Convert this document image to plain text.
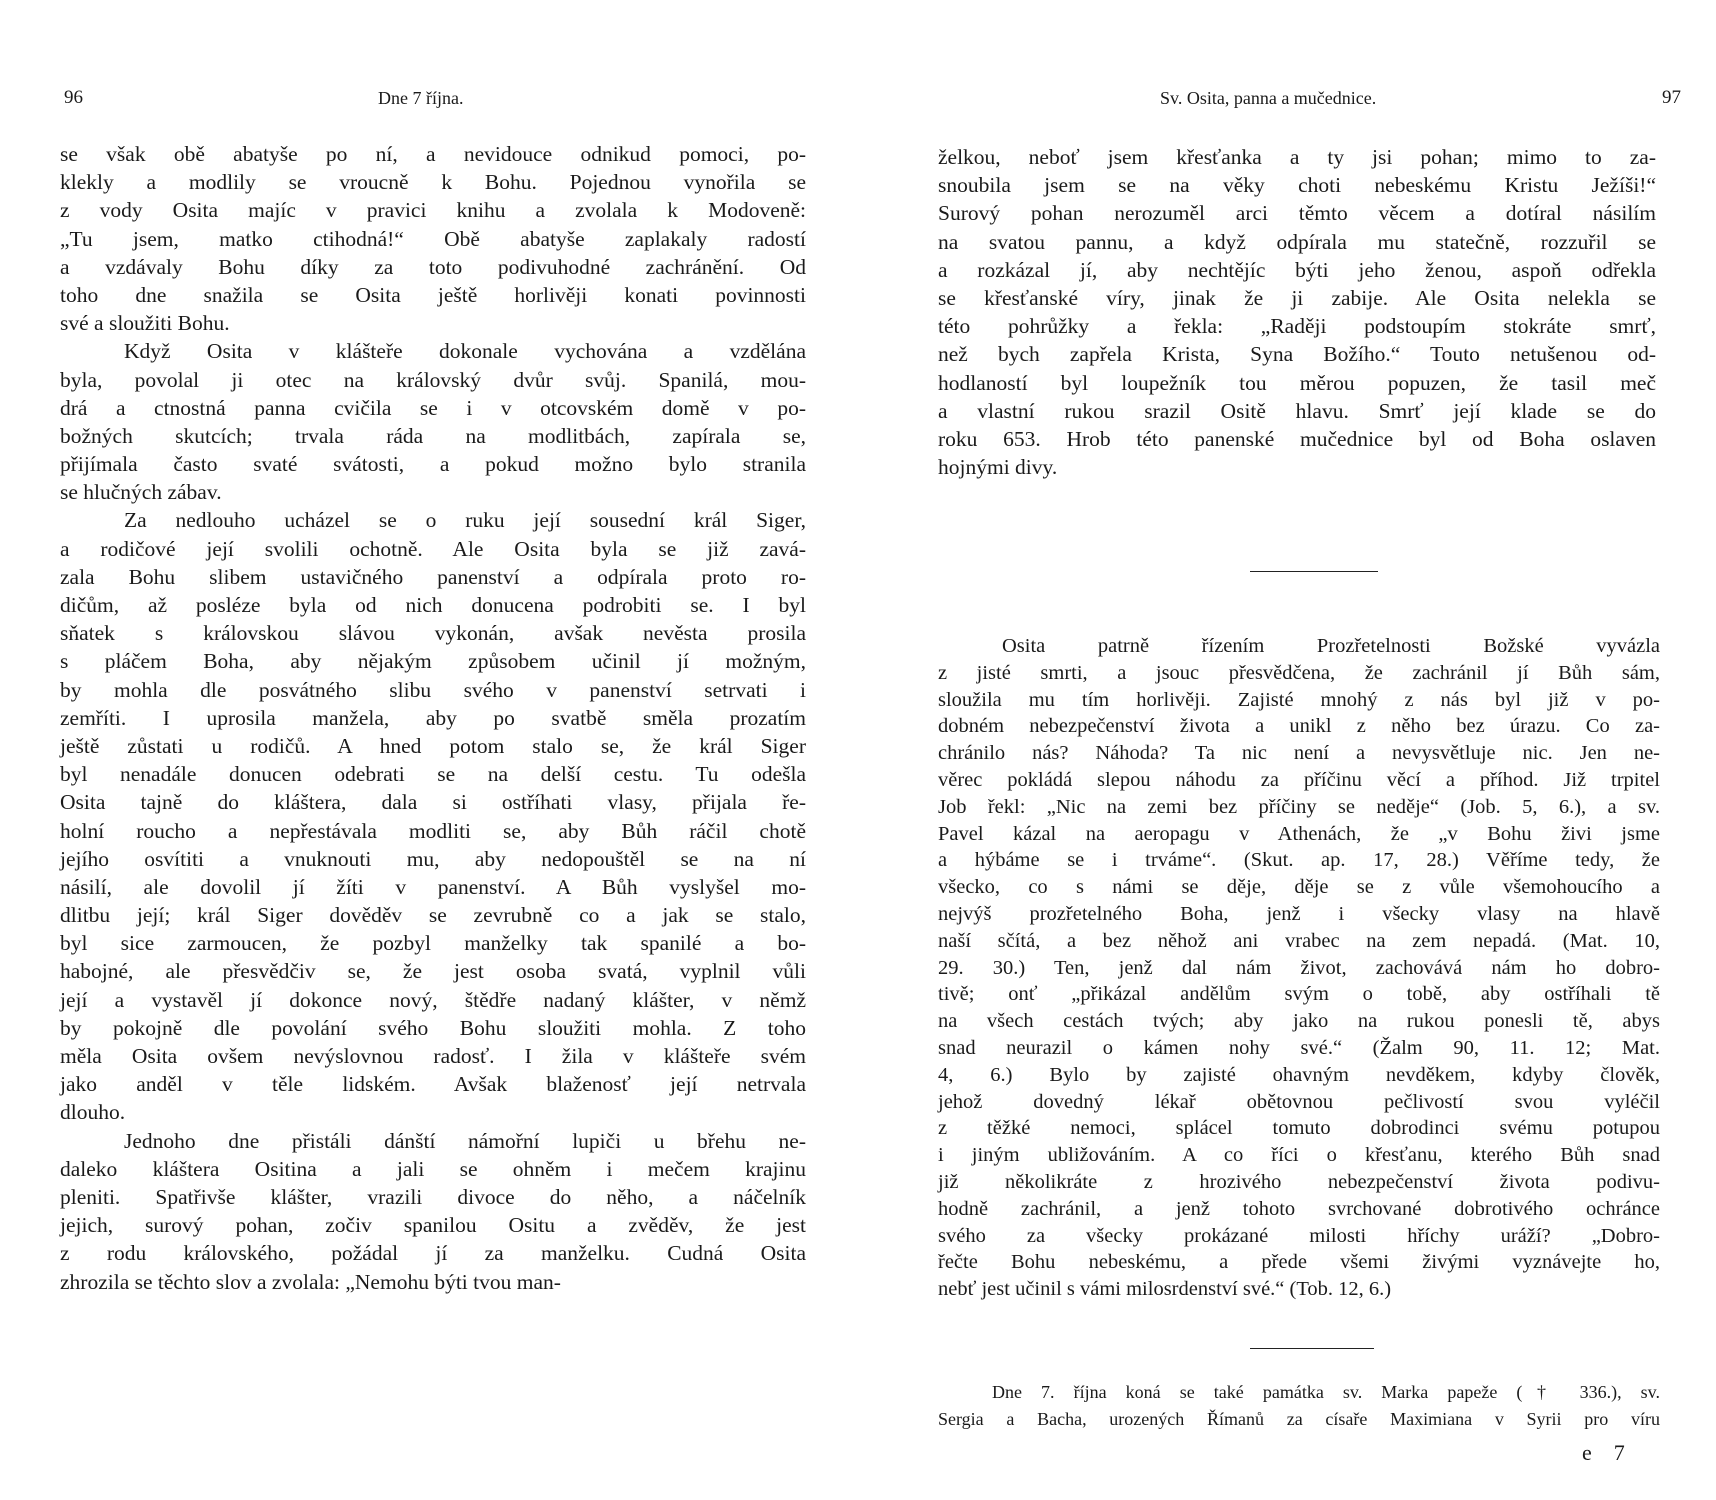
96	Dne 7 října.
se však obě abatyše po ní, a nevidouce odnikud pomoci, po-
klekly a modlily se vroucně k Bohu. Pojednou vynořila se
z vody Osita majíc v pravici knihu a zvolala k Modoveně:
„Tu jsem, matko ctihodná!“ Obě abatyše zaplakaly radostí
a vzdávaly Bohu díky za toto podivuhodné zachránění. Od
toho dne snažila se Osita ještě horlivěji konati povinnosti
své a sloužiti Bohu.
Když Osita v klášteře dokonale vychována a vzdělána
byla, povolal ji otec na královský dvůr svůj. Spanilá, mou-
drá a ctnostná panna cvičila se i v otcovském domě v po-
božných skutcích; trvala ráda na modlitbách, zapírala se,
přijímala často svaté svátosti, a pokud možno bylo stranila
se hlučných zábav.
Za nedlouho ucházel se o ruku její sousední král Siger,
a rodičové její svolili ochotně. Ale Osita byla se již zavá-
zala Bohu slibem ustavičného panenství a odpírala proto ro-
dičům, až posléze byla od nich donucena podrobiti se. I byl
sňatek s královskou slávou vykonán, avšak nevěsta prosila
s pláčem Boha, aby nějakým způsobem učinil jí možným,
by mohla dle posvátného slibu svého v panenství setrvati i
zemříti. I uprosila manžela, aby po svatbě směla prozatím
ještě zůstati u rodičů. A hned potom stalo se, že král Siger
byl nenadále donucen odebrati se na delší cestu. Tu odešla
Osita tajně do kláštera, dala si ostříhati vlasy, přijala ře-
holní roucho a nepřestávala modliti se, aby Bůh ráčil chotě
jejího osvítiti a vnuknouti mu, aby nedopouštěl se na ní
násilí, ale dovolil jí žíti v panenství. A Bůh vyslyšel mo-
dlitbu její; král Siger dověděv se zevrubně co a jak se stalo,
byl sice zarmoucen, že pozbyl manželky tak spanilé a bo-
habojné, ale přesvědčiv se, že jest osoba svatá, vyplnil vůli
její a vystavěl jí dokonce nový, štědře nadaný klášter, v němž
by pokojně dle povolání svého Bohu sloužiti mohla. Z toho
měla Osita ovšem nevýslovnou radosť. I žila v klášteře svém
jako anděl v těle lidském. Avšak blaženosť její netrvala
dlouho.
Jednoho dne přistáli dánští námořní lupiči u břehu ne-
daleko kláštera Ositina a jali se ohněm i mečem krajinu
pleniti. Spatřivše klášter, vrazili divoce do něho, a náčelník
jejich, surový pohan, zočiv spanilou Ositu a zvěděv, že jest
z rodu královského, požádal jí za manželku. Cudná Osita
zhrozila se těchto slov a zvolala: „Nemohu býti tvou man-
Sv. Osita, panna a mučednice.	97
želkou, neboť jsem křesťanka a ty jsi pohan; mimo to za-
snoubila jsem se na věky choti nebeskému Kristu Ježíši!“
Surový pohan nerozuměl arci těmto věcem a dotíral násilím
na svatou pannu, a když odpírala mu statečně, rozzuřil se
a rozkázal jí, aby nechtějíc býti jeho ženou, aspoň odřekla
se křesťanské víry, jinak že ji zabije. Ale Osita nelekla se
této pohrůžky a řekla: „Raději podstoupím stokráte smrť,
než bych zapřela Krista, Syna Božího.“ Touto netušenou od-
hodlaností byl loupežník tou měrou popuzen, že tasil meč
a vlastní rukou srazil Ositě hlavu. Smrť její klade se do
roku 653. Hrob této panenské mučednice byl od Boha oslaven
hojnými divy.
Osita patrně řízením Prozřetelnosti Božské vyvázla
z jisté smrti, a jsouc přesvědčena, že zachránil jí Bůh sám,
sloužila mu tím horlivěji. Zajisté mnohý z nás byl již v po-
dobném nebezpečenství života a unikl z něho bez úrazu. Co za-
chránilo nás? Náhoda? Ta nic není a nevysvětluje nic. Jen ne-
věrec pokládá slepou náhodu za příčinu věcí a příhod. Již trpitel
Job řekl: „Nic na zemi bez příčiny se neděje“ (Job. 5, 6.), a sv.
Pavel kázal na aeropagu v Athenách, že „v Bohu živi jsme
a hýbáme se i trváme“. (Skut. ap. 17, 28.) Věříme tedy, že
všecko, co s námi se děje, děje se z vůle všemohoucího a
nejvýš prozřetelného Boha, jenž i všecky vlasy na hlavě
naší sčítá, a bez něhož ani vrabec na zem nepadá. (Mat. 10,
29. 30.) Ten, jenž dal nám život, zachovává nám ho dobro-
tivě; onť „přikázal andělům svým o tobě, aby ostříhali tě
na všech cestách tvých; aby jako na rukou ponesli tě, abys
snad neurazil o kámen nohy své.“ (Žalm 90, 11. 12; Mat.
4, 6.) Bylo by zajisté ohavným nevděkem, kdyby člověk,
jehož dovedný lékař obětovnou pečlivostí svou vyléčil
z těžké nemoci, splácel tomuto dobrodinci svému potupou
i jiným ubližováním. A co říci o křesťanu, kterého Bůh snad
již několikráte z hrozivého nebezpečenství života podivu-
hodně zachránil, a jenž tohoto svrchované dobrotivého ochránce
svého za všecky prokázané milosti hříchy uráží? „Dobro-
řečte Bohu nebeskému, a přede všemi živými vyznávejte ho,
nebť jest učinil s vámi milosrdenství své.“ (Tob. 12, 6.)
Dne 7. října koná se také památka sv. Marka papeže († 336.), sv.
Sergia a Bacha, urozených Římanů za císaře Maximiana v Syrii pro víru
e    7
